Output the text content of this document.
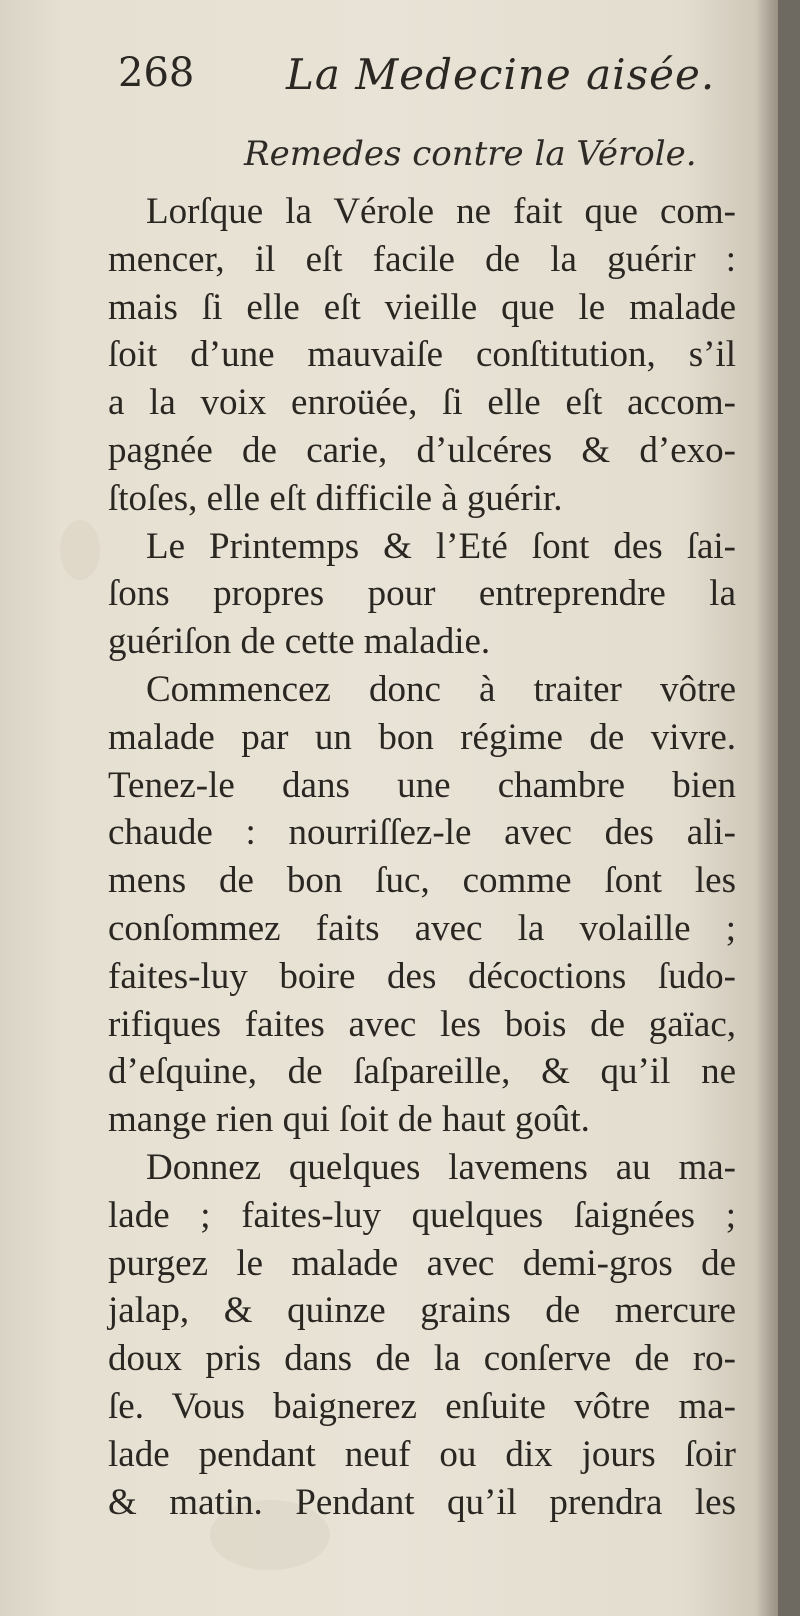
268 La Medecine aisée.
Remedes contre la Vérole.
Lorſque la Vérole ne fait que com-
mencer, il eſt facile de la guérir :
mais ſi elle eſt vieille que le malade
ſoit d’une mauvaiſe conſtitution, s’il
a la voix enroüée, ſi elle eſt accom-
pagnée de carie, d’ulcéres & d’exo-
ſtoſes, elle eſt difficile à guérir.
Le Printemps & l’Eté ſont des ſai-
ſons propres pour entreprendre la
guériſon de cette maladie.
Commencez donc à traiter vôtre
malade par un bon régime de vivre.
Tenez-le dans une chambre bien
chaude : nourriſſez-le avec des ali-
mens de bon ſuc, comme ſont les
conſommez faits avec la volaille ;
faites-luy boire des décoctions ſudo-
rifiques faites avec les bois de gaïac,
d’eſquine, de ſaſpareille, & qu’il ne
mange rien qui ſoit de haut goût.
Donnez quelques lavemens au ma-
lade ; faites-luy quelques ſaignées ;
purgez le malade avec demi-gros de
jalap, & quinze grains de mercure
doux pris dans de la conſerve de ro-
ſe. Vous baignerez enſuite vôtre ma-
lade pendant neuf ou dix jours ſoir
& matin. Pendant qu’il prendra les
